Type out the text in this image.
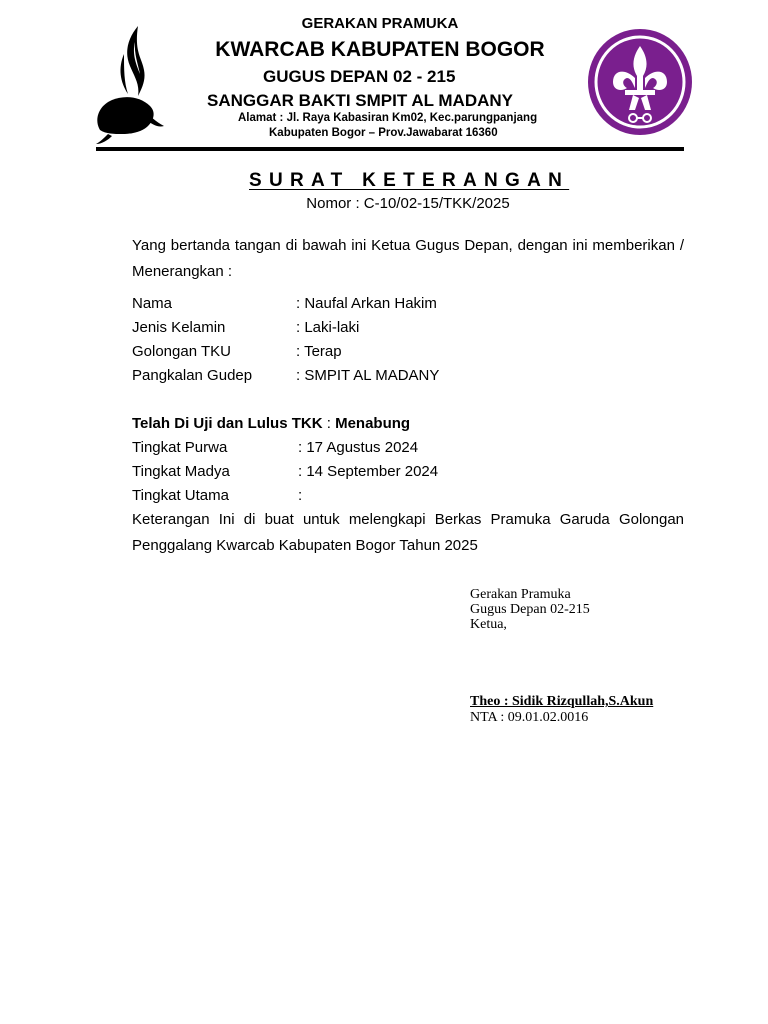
GERAKAN PRAMUKA
KWARCAB KABUPATEN BOGOR
GUGUS DEPAN 02 - 215
SANGGAR BAKTI SMPIT AL MADANY
Alamat : Jl. Raya Kabasiran Km02, Kec.parungpanjang
Kabupaten Bogor – Prov.Jawabarat 16360
SURAT KETERANGAN
Nomor : C-10/02-15/TKK/2025
Yang bertanda tangan di bawah ini Ketua Gugus Depan, dengan ini memberikan / Menerangkan :
Nama	: Naufal Arkan Hakim
Jenis Kelamin	: Laki-laki
Golongan TKU	: Terap
Pangkalan Gudep	: SMPIT AL MADANY
Telah Di Uji dan Lulus TKK : Menabung
Tingkat Purwa	: 17 Agustus 2024
Tingkat Madya	: 14 September 2024
Tingkat Utama	:
Keterangan Ini di buat untuk melengkapi Berkas Pramuka Garuda Golongan Penggalang Kwarcab Kabupaten Bogor Tahun 2025
Gerakan Pramuka
Gugus Depan 02-215
Ketua,
Theo : Sidik Rizqullah,S.Akun
NTA : 09.01.02.0016
